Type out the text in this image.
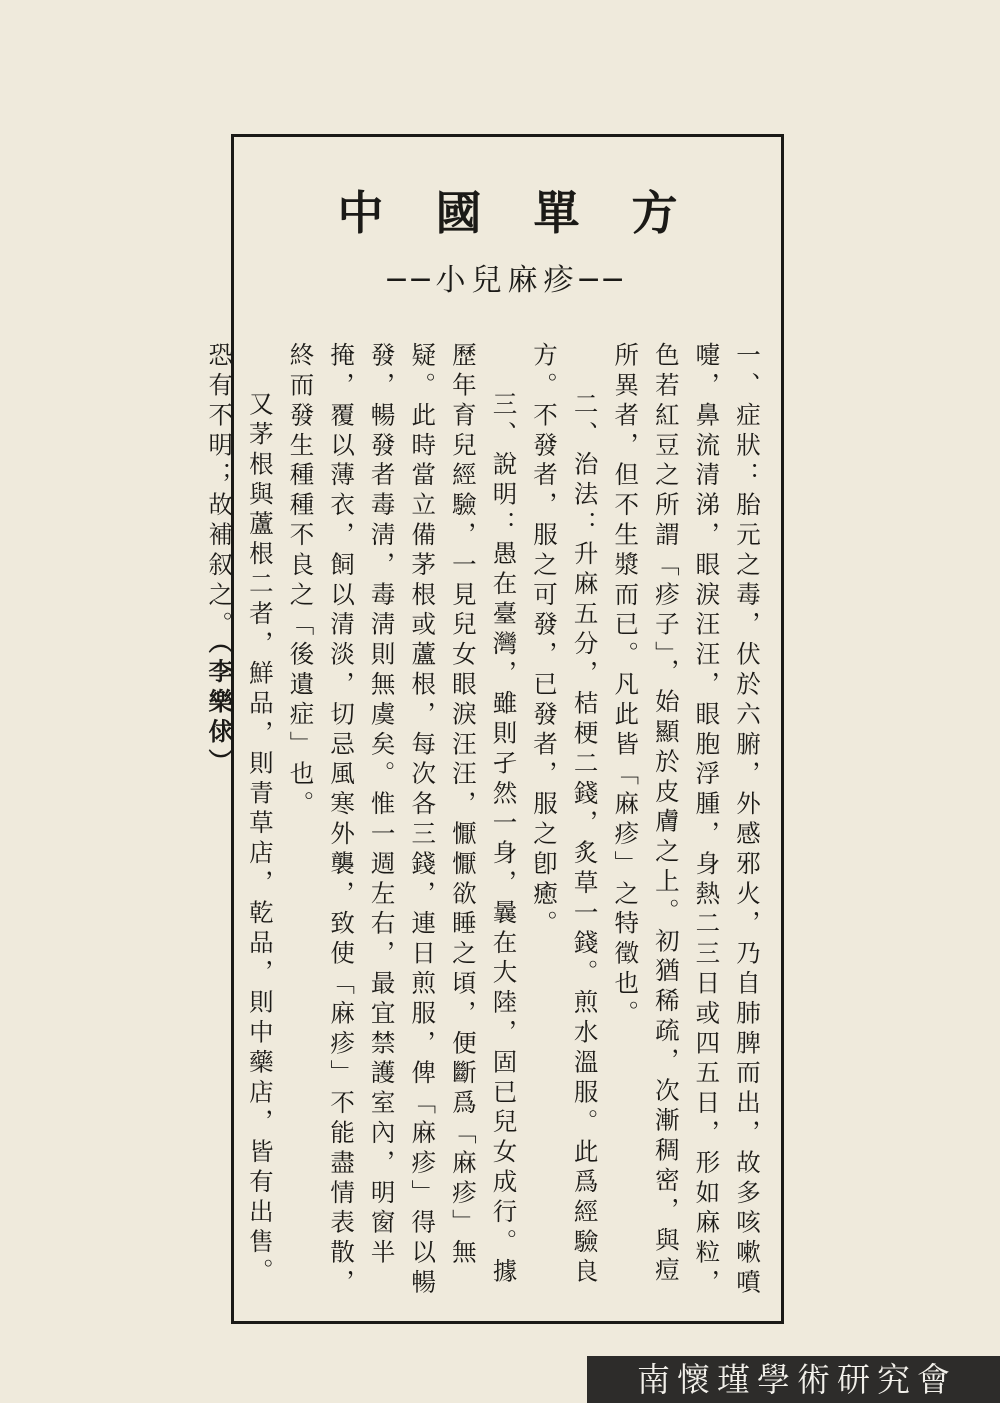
中國單方
──小兒麻疹──
一、症狀：胎元之毒，伏於六腑，外感邪火，乃自肺脾而出，故多咳嗽噴嚏，鼻流清涕，眼淚汪汪，眼胞浮腫，身熱二三日或四五日，形如麻粒，色若紅豆之所謂「疹子」，始顯於皮膚之上。初猶稀疏，次漸稠密，與痘所異者，但不生漿而已。凡此皆「麻疹」之特徵也。
二、治法：升麻五分，桔梗二錢，炙草一錢。煎水溫服。此爲經驗良方。不發者，服之可發，已發者，服之卽癒。
三、說明：愚在臺灣，雖則孑然一身，曩在大陸，固已兒女成行。據歷年育兒經驗，一見兒女眼淚汪汪，懨懨欲睡之頃，便斷爲「麻疹」無疑。此時當立備茅根或蘆根，每次各三錢，連日煎服，俾「麻疹」得以暢發，暢發者毒淸，毒淸則無虞矣。惟一週左右，最宜禁護室內，明窗半掩，覆以薄衣，飼以清淡，切忌風寒外襲，致使「麻疹」不能盡情表散，終而發生種種不良之「後遺症」也。
又茅根與蘆根二者，鮮品，則青草店，乾品，則中藥店，皆有出售。恐有不明；故補叙之。（李樂俅）
南懷瑾學術研究會
